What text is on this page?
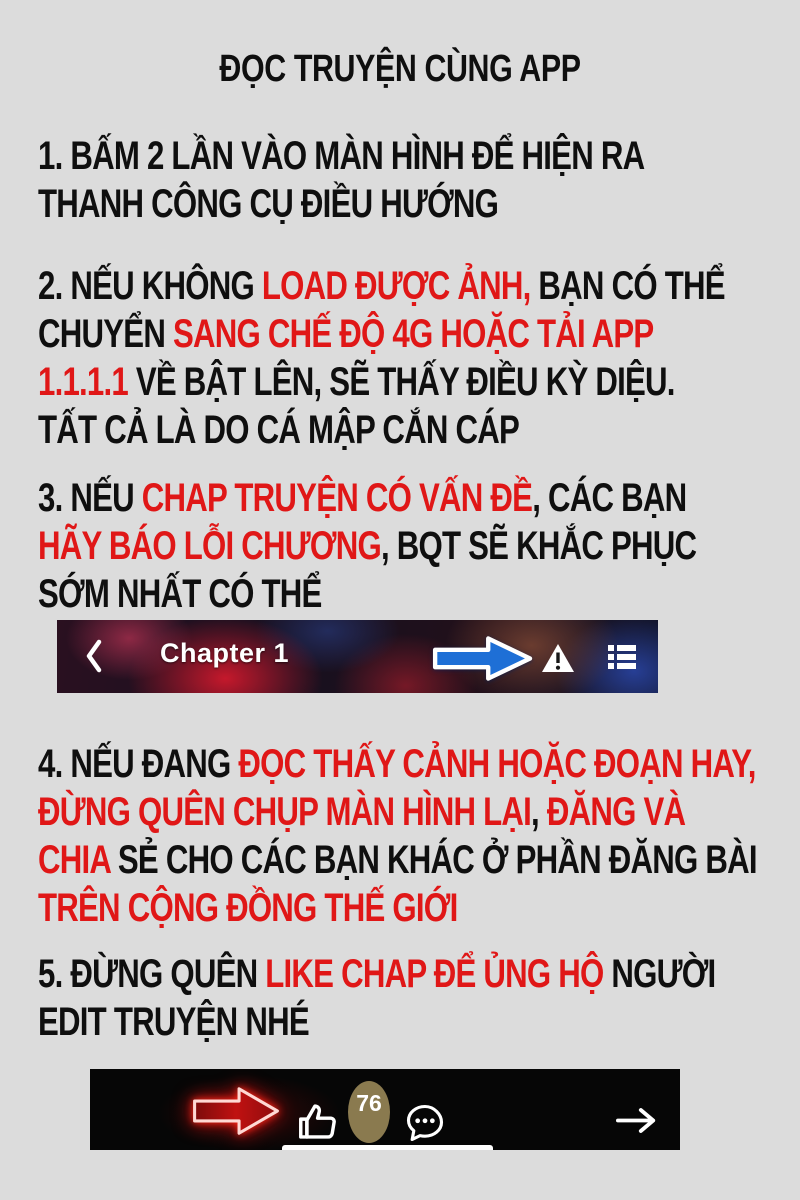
ĐỌC TRUYỆN CÙNG APP
1. BẤM 2 LẦN VÀO MÀN HÌNH ĐỂ HIỆN RA
THANH CÔNG CỤ ĐIỀU HƯỚNG
2. NẾU KHÔNG LOAD ĐƯỢC ẢNH, BẠN CÓ THỂ
CHUYỂN SANG CHẾ ĐỘ 4G HOẶC TẢI APP
1.1.1.1 VỀ BẬT LÊN, SẼ THẤY ĐIỀU KỲ DIỆU.
TẤT CẢ LÀ DO CÁ MẬP CẮN CÁP
3. NẾU CHAP TRUYỆN CÓ VẤN ĐỀ, CÁC BẠN
HÃY BÁO LỖI CHƯƠNG, BQT SẼ KHẮC PHỤC
SỚM NHẤT CÓ THỂ
Chapter 1
4. NẾU ĐANG ĐỌC THẤY CẢNH HOẶC ĐOẠN HAY,
ĐỪNG QUÊN CHỤP MÀN HÌNH LẠI, ĐĂNG VÀ
CHIA SẺ CHO CÁC BẠN KHÁC Ở PHẦN ĐĂNG BÀI
TRÊN CỘNG ĐỒNG THẾ GIỚI
5. ĐỪNG QUÊN LIKE CHAP ĐỂ ỦNG HỘ NGƯỜI
EDIT TRUYỆN NHÉ
76
